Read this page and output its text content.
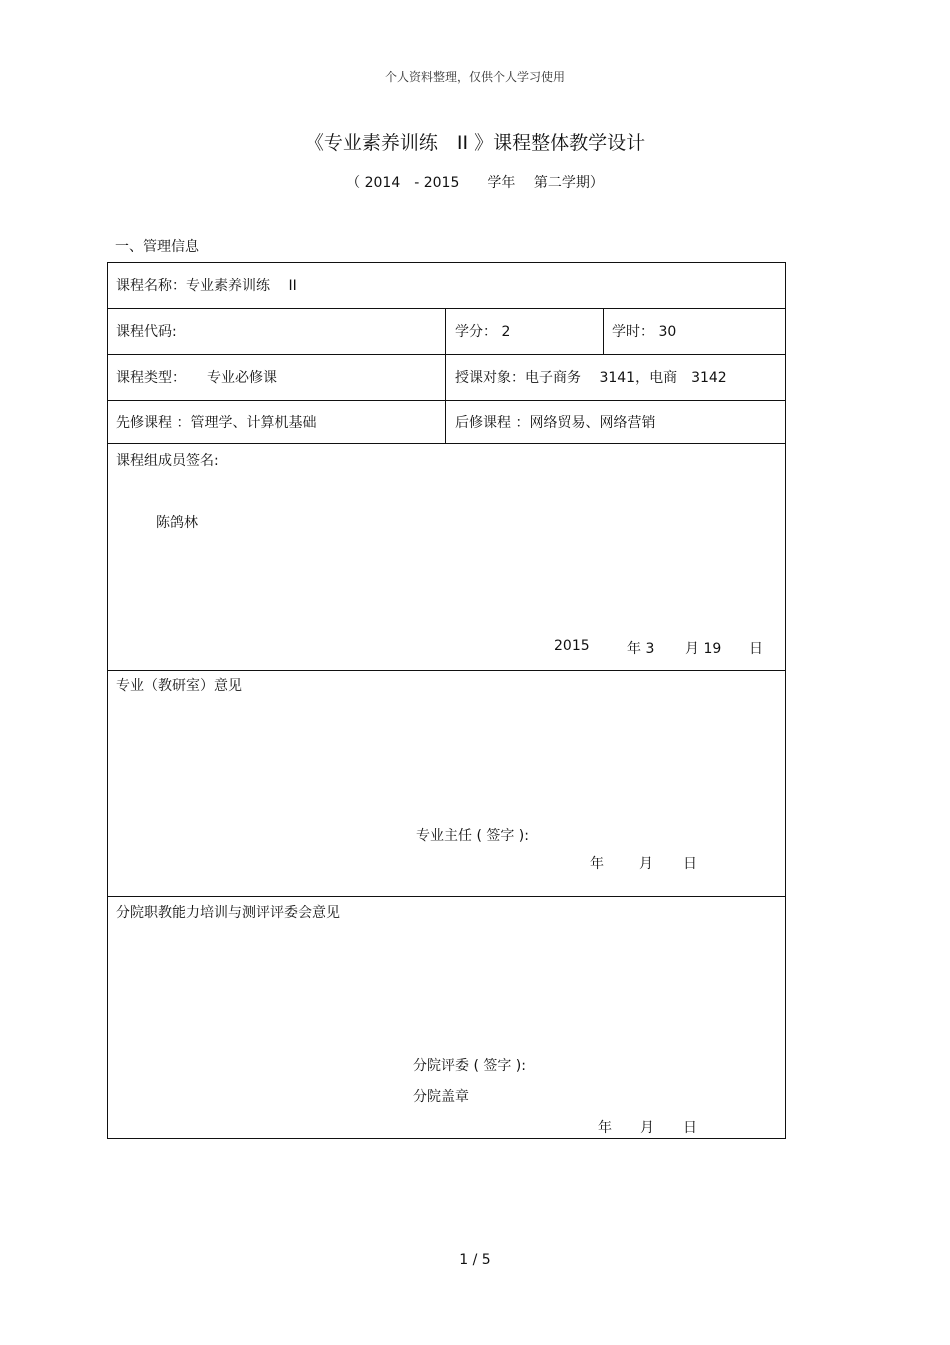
个人资料整理，仅供个人学习使用
《专业素养训练　II 》课程整体教学设计
（ 2014　- 2015　　学年　 第二学期）
一、管理信息
课程名称：专业素养训练　 II
课程代码:	学分： 2	学时： 30
课程类型：　　专业必修课	授课对象：电子商务　 3141，电商　3142
先修课程 ：管理学、计算机基础	后修课程 ：网络贸易、网络营销
课程组成员签名:
陈鸽林
2015	年 3 月 19 日
专业（教研室）意见
专业主任 ( 签字 ):
年	月 日
分院职教能力培训与测评评委会意见
分院评委 ( 签字 ):
分院盖章
年 月 日
1 / 5
